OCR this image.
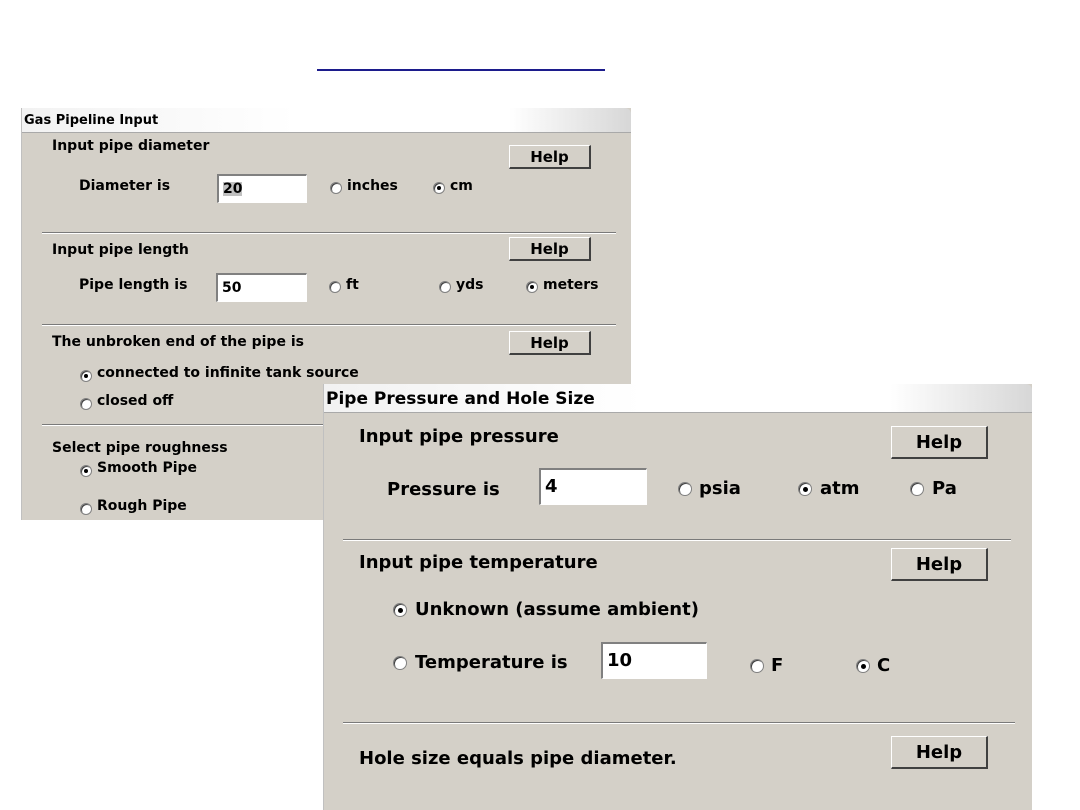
Gas Pipeline Input
Input pipe diameter
Help
Diameter is	20	inches	cm
Input pipe length	Help
Pipe length is 50	ft	yds	meters
The unbroken end of the pipe is	Help
connected to infinite tank source
closed off
Select pipe roughness
Smooth Pipe
Rough Pipe
Pipe Pressure and Hole Size
Input pipe pressure	Help
Pressure is	4	psia	atm	Pa
Input pipe temperature	Help
Unknown (assume ambient)
Temperature is 10	F	C
Hole size equals pipe diameter.	Help
